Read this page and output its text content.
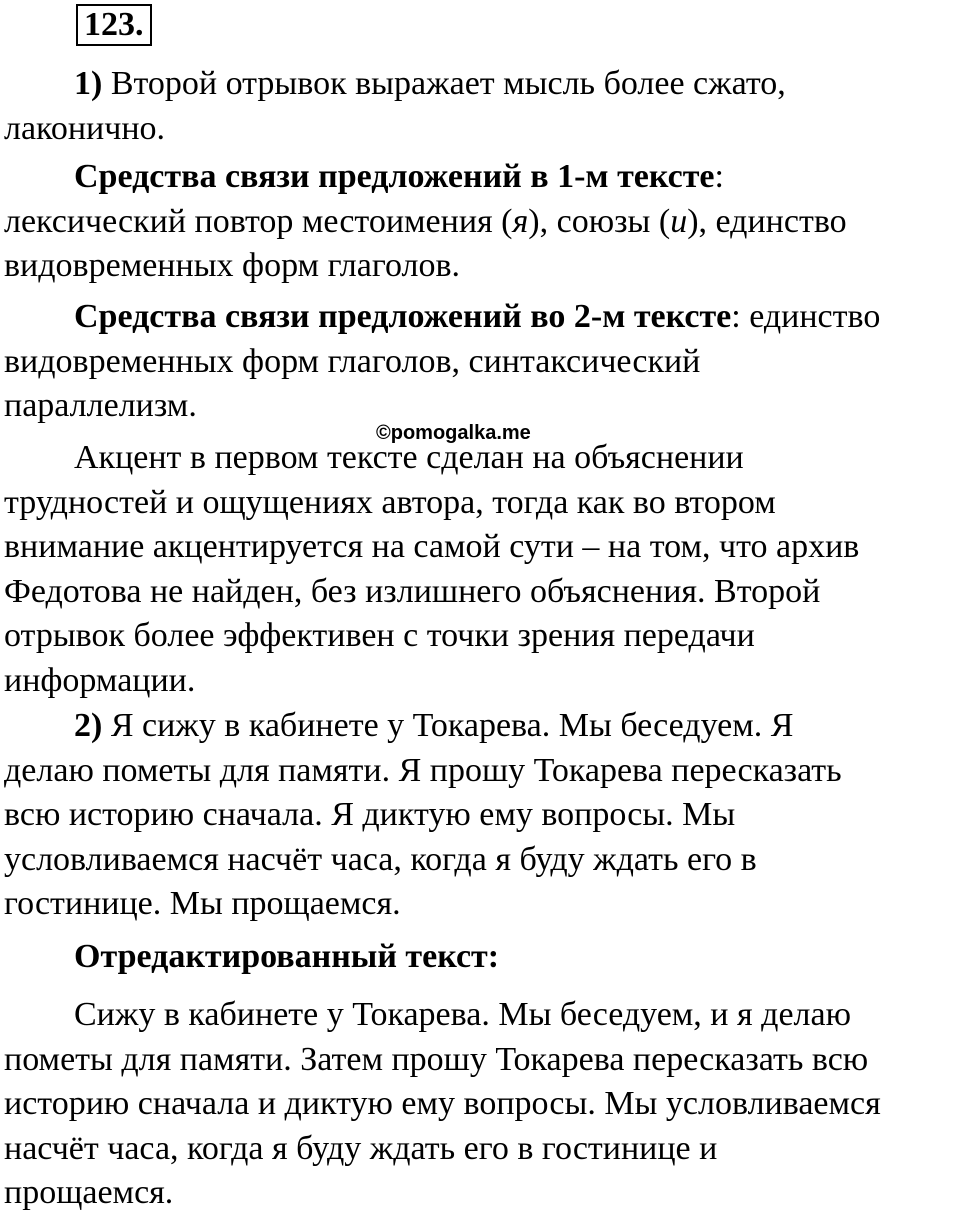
123.
1) Второй отрывок выражает мысль более сжато,
лаконично.
Средства связи предложений в 1-м тексте:
лексический повтор местоимения (я), союзы (и), единство
видовременных форм глаголов.
Средства связи предложений во 2-м тексте: единство
видовременных форм глаголов, синтаксический
параллелизм.
©pomogalka.me
Акцент в первом тексте сделан на объяснении
трудностей и ощущениях автора, тогда как во втором
внимание акцентируется на самой сути – на том, что архив
Федотова не найден, без излишнего объяснения. Второй
отрывок более эффективен с точки зрения передачи
информации.
2) Я сижу в кабинете у Токарева. Мы беседуем. Я
делаю пометы для памяти. Я прошу Токарева пересказать
всю историю сначала. Я диктую ему вопросы. Мы
условливаемся насчёт часа, когда я буду ждать его в
гостинице. Мы прощаемся.
Отредактированный текст:
Сижу в кабинете у Токарева. Мы беседуем, и я делаю
пометы для памяти. Затем прошу Токарева пересказать всю
историю сначала и диктую ему вопросы. Мы условливаемся
насчёт часа, когда я буду ждать его в гостинице и
прощаемся.
